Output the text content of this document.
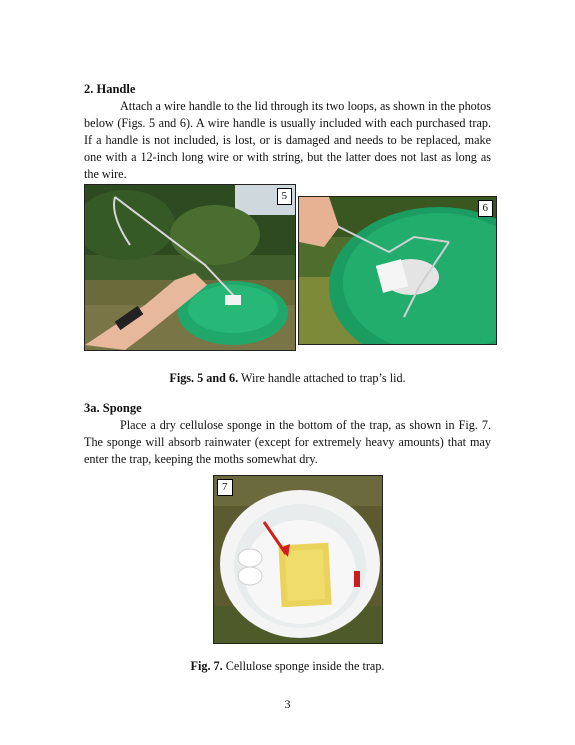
2. Handle

Attach a wire handle to the lid through its two loops, as shown in the photos below (Figs. 5 and 6). A wire handle is usually included with each purchased trap. If a handle is not included, is lost, or is damaged and needs to be replaced, make one with a 12-inch long wire or with string, but the latter does not last as long as the wire.

5
6
Figs. 5 and 6. Wire handle attached to trap’s lid.
3a. Sponge

Place a dry cellulose sponge in the bottom of the trap, as shown in Fig. 7. The sponge will absorb rainwater (except for extremely heavy amounts) that may enter the trap, keeping the moths somewhat dry.

7
Fig. 7. Cellulose sponge inside the trap.
3
